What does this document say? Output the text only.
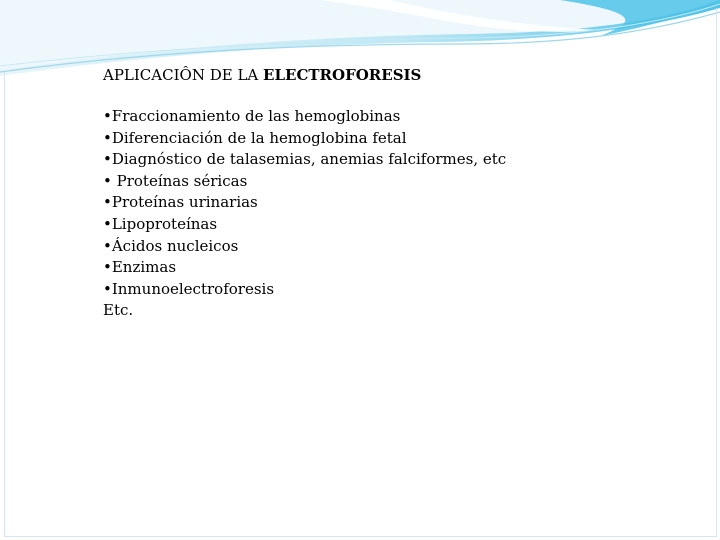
APLICACIÔN DE LA ELECTROFORESIS
•Fraccionamiento de las hemoglobinas
•Diferenciación de la hemoglobina fetal
•Diagnóstico de talasemias, anemias falciformes, etc
• Proteínas séricas
•Proteínas urinarias
•Lipoproteínas
•Ácidos nucleicos
•Enzimas
•Inmunoelectroforesis
Etc.
